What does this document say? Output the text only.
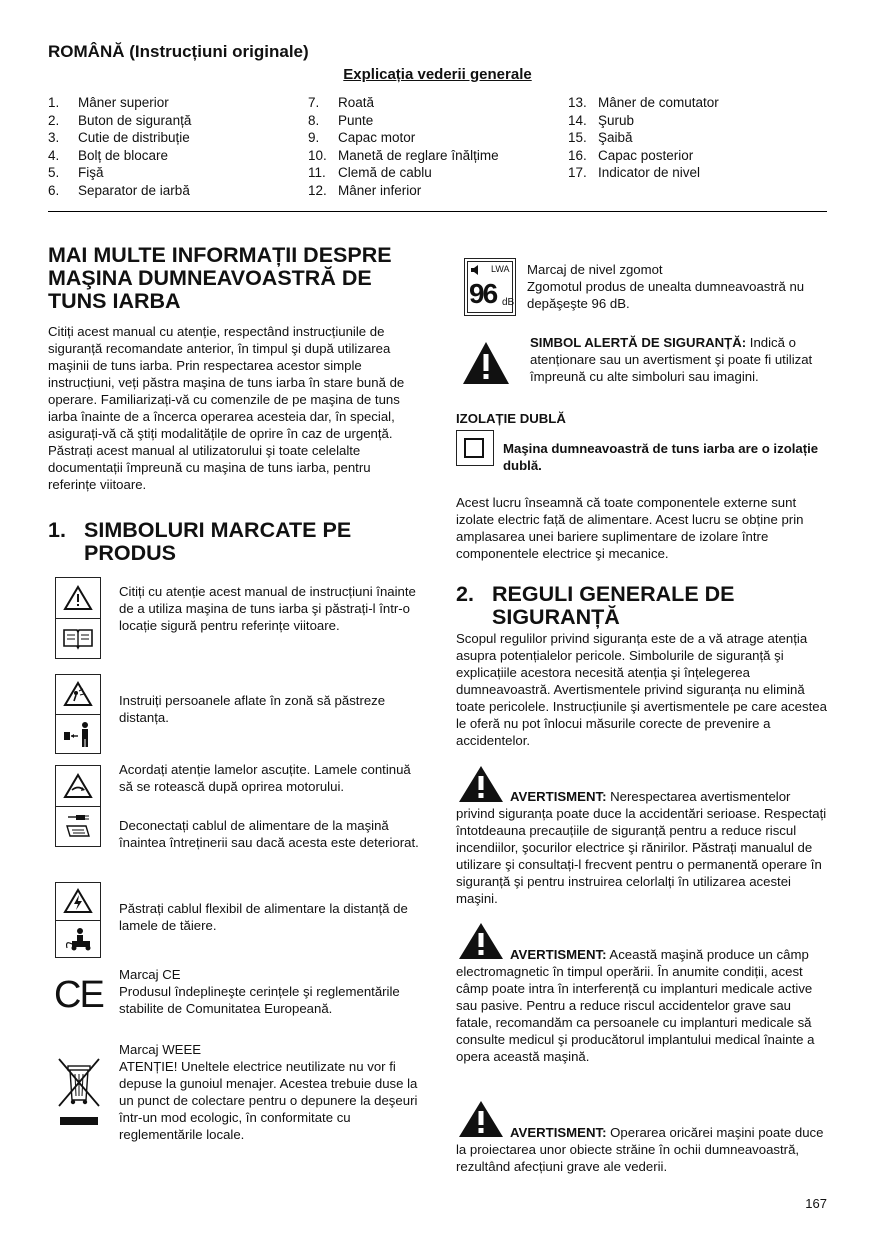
ROMÂNĂ (Instrucțiuni originale)
Explicația vederii generale
1.	Mâner superior
2.	Buton de siguranță
3.	Cutie de distribuție
4.	Bolț de blocare
5.	Fişă
6.	Separator de iarbă
7.	Roată
8.	Punte
9.	Capac motor
10. Manetă de reglare înălțime
11. Clemă de cablu
12. Mâner inferior
13. Mâner de comutator
14. Şurub
15. Şaibă
16. Capac posterior
17. Indicator de nivel
MAI MULTE INFORMAȚII DESPRE
MAŞINA DUMNEAVOASTRĂ DE
TUNS IARBA
Citiți acest manual cu atenție, respectând instrucțiunile de siguranță recomandate anterior, în timpul şi după utilizarea maşinii de tuns iarba. Prin respectarea acestor simple instrucțiuni, veți păstra maşina de tuns iarba în stare bună de operare. Familiarizați-vă cu comenzile de pe maşina de tuns iarba înainte de a încerca operarea acesteia dar, în special, asigurați-vă că ştiți modalitățile de oprire în caz de urgență. Păstrați acest manual al utilizatorului şi toate celelalte documentații împreună cu maşina de tuns iarba, pentru referințe viitoare.
1. SIMBOLURI MARCATE PE
PRODUS
Citiți cu atenție acest manual de instrucțiuni înainte de a utiliza maşina de tuns iarba şi păstrați-l într-o locație sigură pentru referințe viitoare.
Instruiți persoanele aflate în zonă să păstreze distanța.
Acordați atenție lamelor ascuțite. Lamele continuă să se rotească după oprirea motorului.
Deconectați cablul de alimentare de la maşină înaintea întreținerii sau dacă acesta este deteriorat.
Păstrați cablul flexibil de alimentare la distanță de lamele de tăiere.
CE Marcaj CE
Produsul îndeplineşte cerințele şi reglementările stabilite de Comunitatea Europeană.
Marcaj WEEE
ATENȚIE! Uneltele electrice neutilizate nu vor fi depuse la gunoiul menajer. Acestea trebuie duse la un punct de colectare pentru o depunere la deşeuri într-un mod ecologic, în conformitate cu reglementările locale.
LWA
96 dB
Marcaj de nivel zgomot
Zgomotul produs de unealta dumneavoastră nu depăşeşte 96 dB.
SIMBOL ALERTĂ DE SIGURANȚĂ: Indică o atenționare sau un avertisment şi poate fi utilizat împreună cu alte simboluri sau imagini.
IZOLAȚIE DUBLĂ
Maşina dumneavoastră de tuns iarba are o izolație dublă.
Acest lucru înseamnă că toate componentele externe sunt izolate electric față de alimentare. Acest lucru se obține prin amplasarea unei bariere suplimentare de izolare între componentele electrice şi mecanice.
2. REGULI GENERALE DE
SIGURANȚĂ
Scopul regulilor privind siguranța este de a vă atrage atenția asupra potențialelor pericole. Simbolurile de siguranță şi explicațiile acestora necesită atenția şi înțelegerea dumneavoastră. Avertismentele privind siguranța nu elimină toate pericolele. Instrucțiunile şi avertismentele pe care acestea le oferă nu pot înlocui măsurile corecte de prevenire a accidentelor.
AVERTISMENT: Nerespectarea avertismentelor privind siguranța poate duce la accidentări serioase. Respectați întotdeauna precauțiile de siguranță pentru a reduce riscul incendiilor, şocurilor electrice şi rănirilor. Păstrați manualul de utilizare şi consultați-l frecvent pentru o permanentă operare în siguranță şi pentru instruirea celorlalți în utilizarea acestei maşini.
AVERTISMENT: Această maşină produce un câmp electromagnetic în timpul operării. În anumite condiții, acest câmp poate intra în interferență cu implanturi medicale active sau pasive. Pentru a reduce riscul accidentelor grave sau fatale, recomandăm ca persoanele cu implanturi medicale să consulte medicul şi producătorul implantului medical înainte a opera această maşină.
AVERTISMENT: Operarea oricărei maşini poate duce la proiectarea unor obiecte străine în ochii dumneavoastră, rezultând afecțiuni grave ale vederii.
167
